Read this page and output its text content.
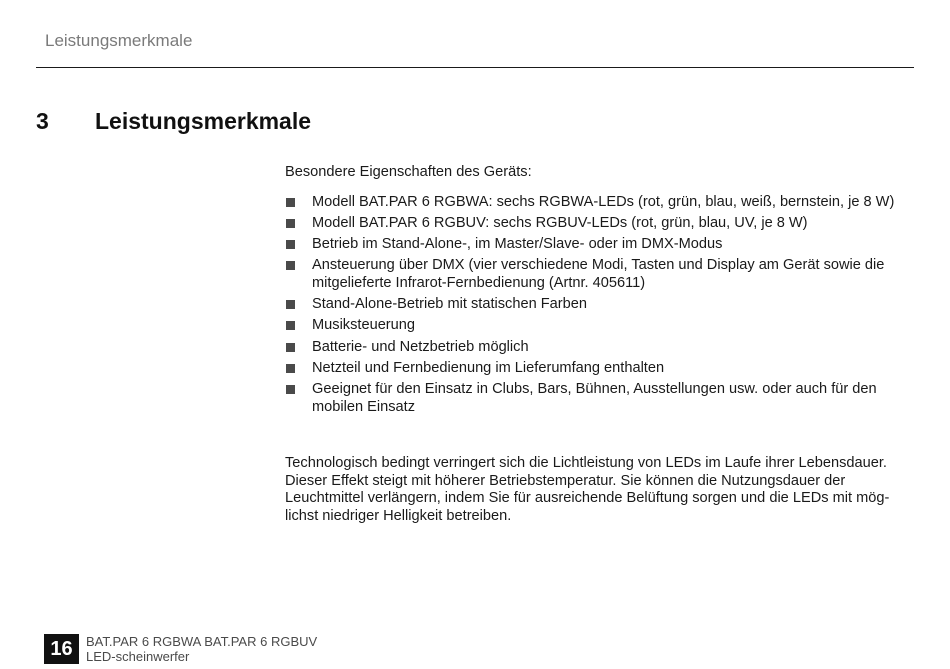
Leistungsmerkmale
3 Leistungsmerkmale

Besondere Eigenschaften des Geräts:

Modell BAT.PAR 6 RGBWA: sechs RGBWA-LEDs (rot, grün, blau, weiß, bernstein, je 8 W)
Modell BAT.PAR 6 RGBUV: sechs RGBUV-LEDs (rot, grün, blau, UV, je 8 W)
Betrieb im Stand-Alone-, im Master/Slave- oder im DMX-Modus
Ansteuerung über DMX (vier verschiedene Modi, Tasten und Display am Gerät sowie die mitgelieferte Infrarot-Fernbedienung (Artnr. 405611)
Stand-Alone-Betrieb mit statischen Farben
Musiksteuerung
Batterie- und Netzbetrieb möglich
Netzteil und Fernbedienung im Lieferumfang enthalten
Geeignet für den Einsatz in Clubs, Bars, Bühnen, Ausstellungen usw. oder auch für den mobilen Einsatz

Technologisch bedingt verringert sich die Lichtleistung von LEDs im Laufe ihrer Lebensdauer. Dieser Effekt steigt mit höherer Betriebstemperatur. Sie können die Nutzungsdauer der Leuchtmittel verlängern, indem Sie für ausreichende Belüftung sorgen und die LEDs mit möglichst niedriger Helligkeit betreiben.

16	BAT.PAR 6 RGBWA BAT.PAR 6 RGBUV
LED-scheinwerfer
